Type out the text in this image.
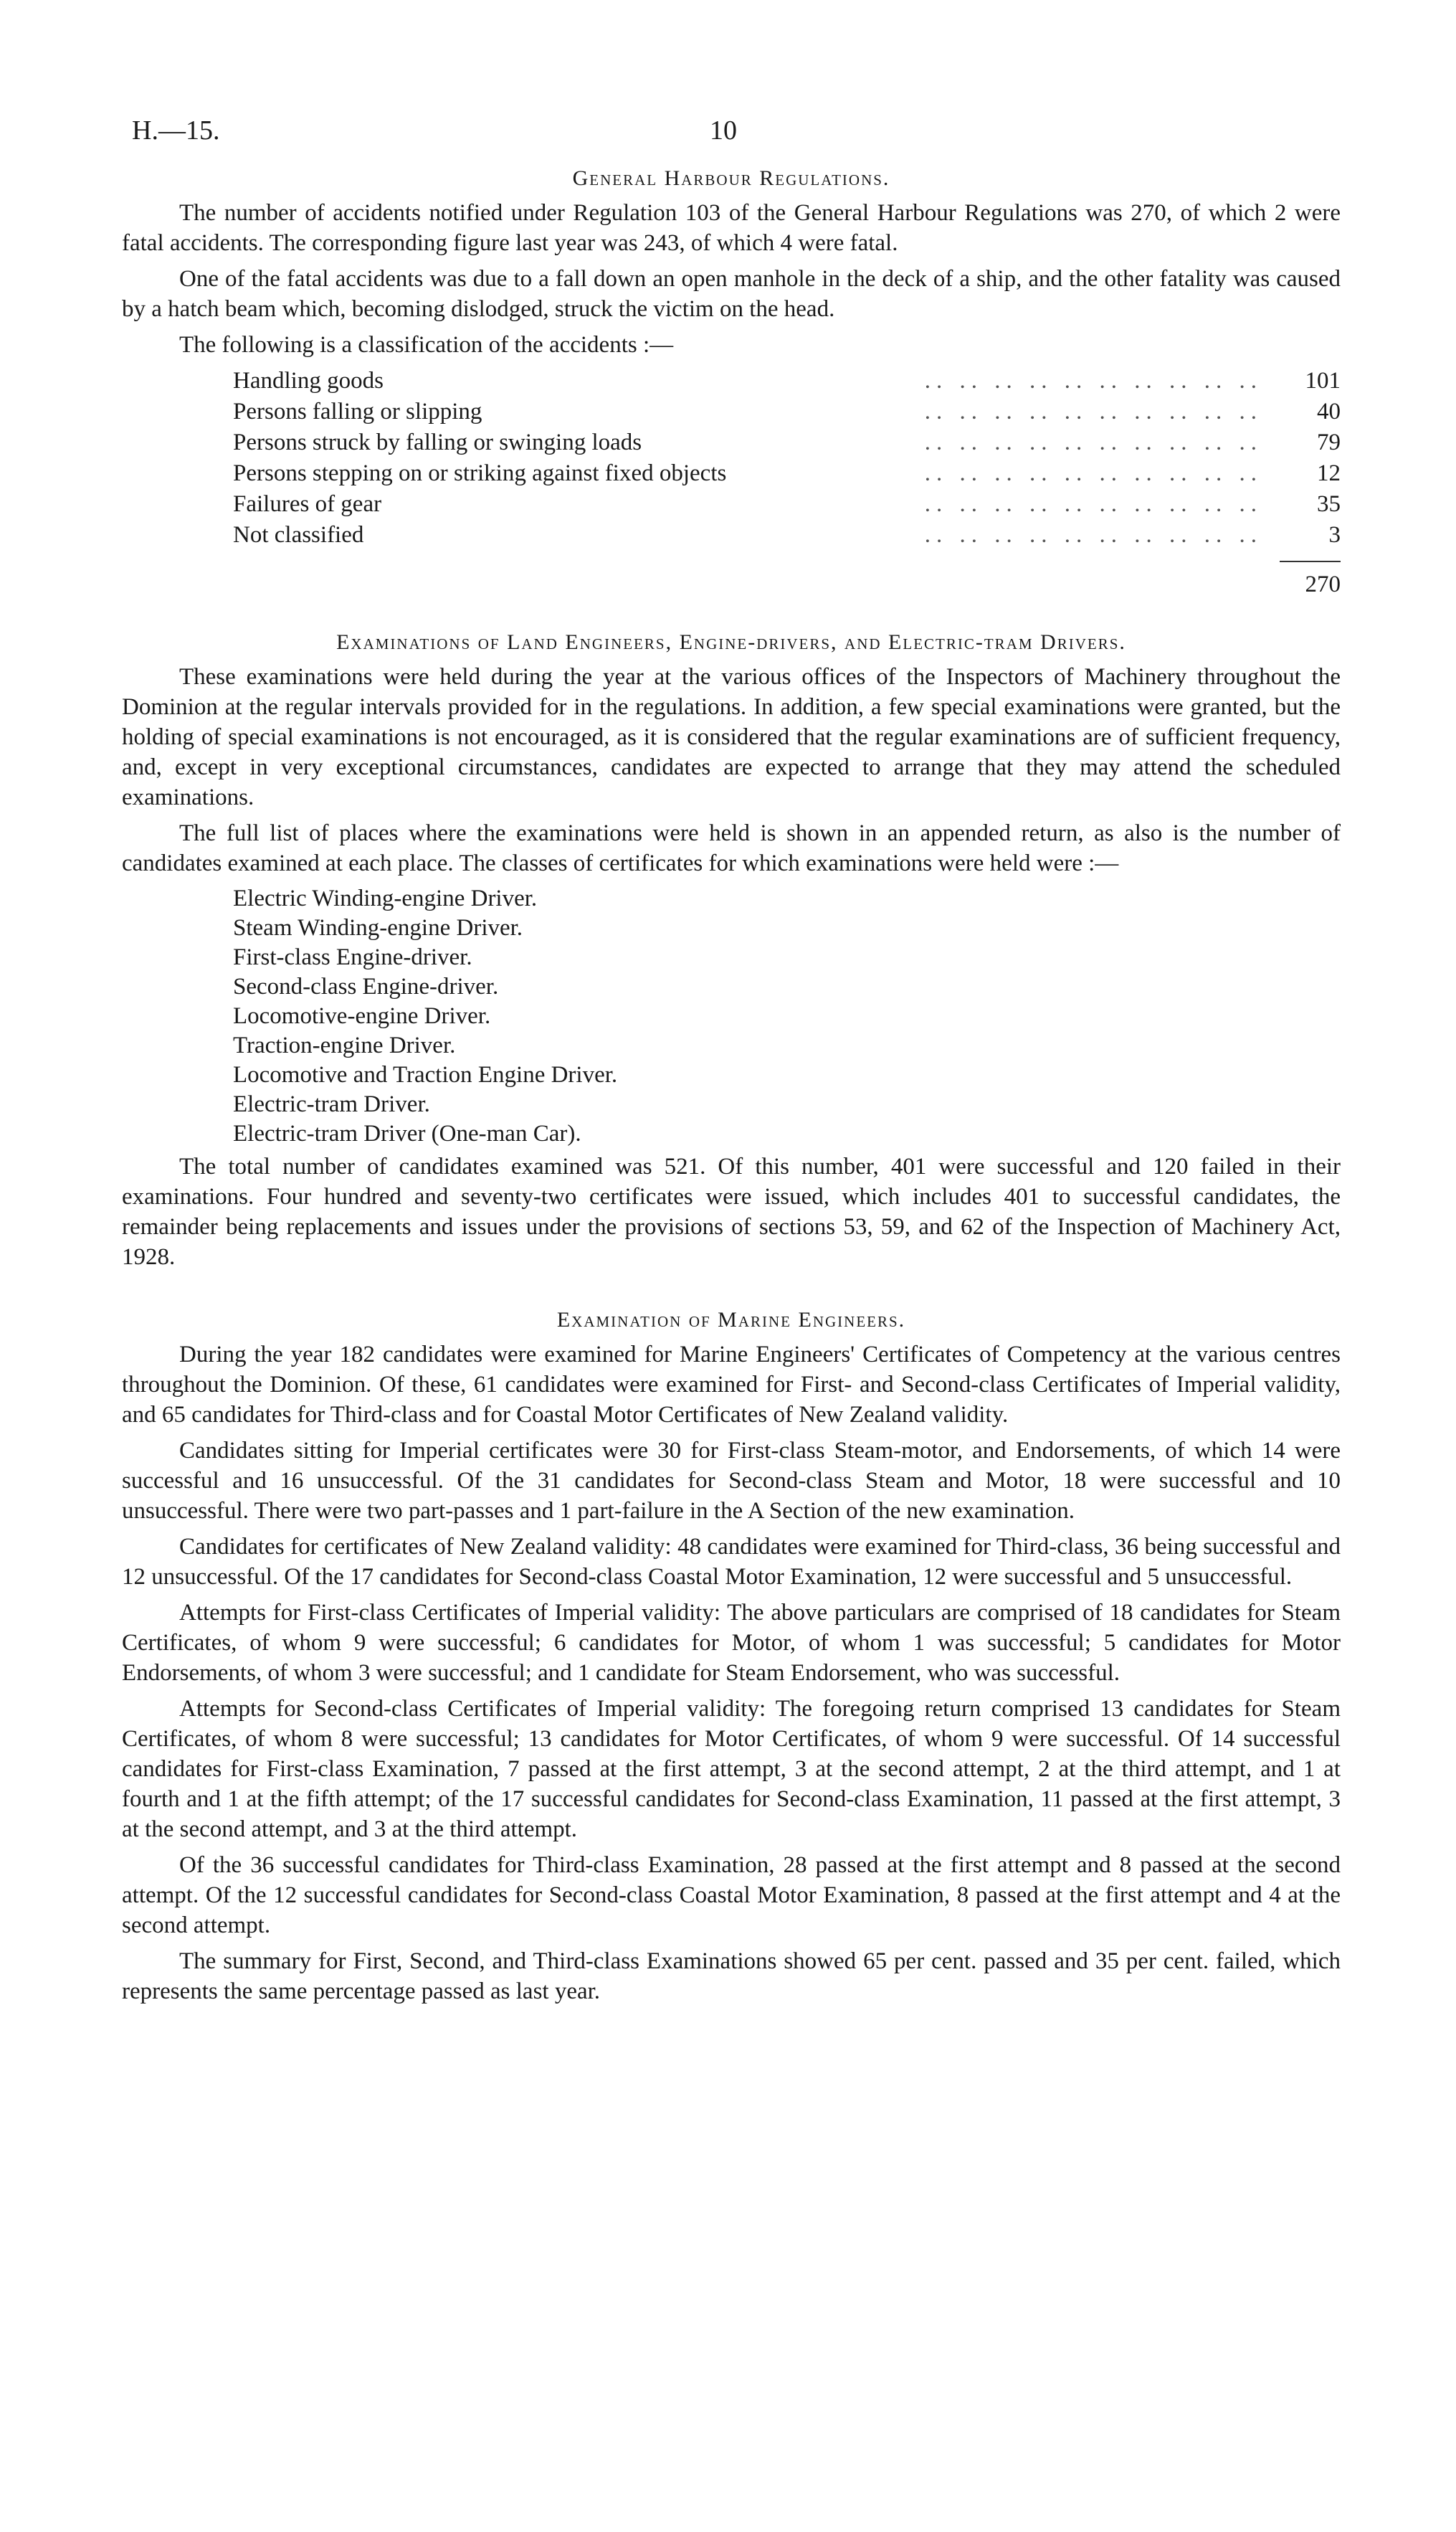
H.—15.	10
General Harbour Regulations.

The number of accidents notified under Regulation 103 of the General Harbour Regulations was 270, of which 2 were fatal accidents. The corresponding figure last year was 243, of which 4 were fatal.

One of the fatal accidents was due to a fall down an open manhole in the deck of a ship, and the other fatality was caused by a hatch beam which, becoming dislodged, struck the victim on the head.

The following is a classification of the accidents :—

Handling goods	.. .. .. .. .. .. .. .. .. ..	101
Persons falling or slipping	.. .. .. .. .. .. .. .. .. ..	40
Persons struck by falling or swinging loads	.. .. .. .. .. .. .. .. .. ..	79
Persons stepping on or striking against fixed objects	.. .. .. .. .. .. .. .. .. ..	12
Failures of gear	.. .. .. .. .. .. .. .. .. ..	35
Not classified	.. .. .. .. .. .. .. .. .. ..	3
270
Examinations of Land Engineers, Engine-drivers, and Electric-tram Drivers.

These examinations were held during the year at the various offices of the Inspectors of Machinery throughout the Dominion at the regular intervals provided for in the regulations. In addition, a few special examinations were granted, but the holding of special examinations is not encouraged, as it is considered that the regular examinations are of sufficient frequency, and, except in very exceptional circumstances, candidates are expected to arrange that they may attend the scheduled examinations.

The full list of places where the examinations were held is shown in an appended return, as also is the number of candidates examined at each place. The classes of certificates for which examinations were held were :—

Electric Winding-engine Driver.
Steam Winding-engine Driver.
First-class Engine-driver.
Second-class Engine-driver.
Locomotive-engine Driver.
Traction-engine Driver.
Locomotive and Traction Engine Driver.
Electric-tram Driver.
Electric-tram Driver (One-man Car).

The total number of candidates examined was 521. Of this number, 401 were successful and 120 failed in their examinations. Four hundred and seventy-two certificates were issued, which includes 401 to successful candidates, the remainder being replacements and issues under the provisions of sections 53, 59, and 62 of the Inspection of Machinery Act, 1928.

Examination of Marine Engineers.

During the year 182 candidates were examined for Marine Engineers' Certificates of Competency at the various centres throughout the Dominion. Of these, 61 candidates were examined for First- and Second-class Certificates of Imperial validity, and 65 candidates for Third-class and for Coastal Motor Certificates of New Zealand validity.

Candidates sitting for Imperial certificates were 30 for First-class Steam-motor, and Endorsements, of which 14 were successful and 16 unsuccessful. Of the 31 candidates for Second-class Steam and Motor, 18 were successful and 10 unsuccessful. There were two part-passes and 1 part-failure in the A Section of the new examination.

Candidates for certificates of New Zealand validity: 48 candidates were examined for Third-class, 36 being successful and 12 unsuccessful. Of the 17 candidates for Second-class Coastal Motor Examination, 12 were successful and 5 unsuccessful.

Attempts for First-class Certificates of Imperial validity: The above particulars are comprised of 18 candidates for Steam Certificates, of whom 9 were successful; 6 candidates for Motor, of whom 1 was successful; 5 candidates for Motor Endorsements, of whom 3 were successful; and 1 candidate for Steam Endorsement, who was successful.

Attempts for Second-class Certificates of Imperial validity: The foregoing return comprised 13 candidates for Steam Certificates, of whom 8 were successful; 13 candidates for Motor Certificates, of whom 9 were successful. Of 14 successful candidates for First-class Examination, 7 passed at the first attempt, 3 at the second attempt, 2 at the third attempt, and 1 at fourth and 1 at the fifth attempt; of the 17 successful candidates for Second-class Examination, 11 passed at the first attempt, 3 at the second attempt, and 3 at the third attempt.

Of the 36 successful candidates for Third-class Examination, 28 passed at the first attempt and 8 passed at the second attempt. Of the 12 successful candidates for Second-class Coastal Motor Examination, 8 passed at the first attempt and 4 at the second attempt.

The summary for First, Second, and Third-class Examinations showed 65 per cent. passed and 35 per cent. failed, which represents the same percentage passed as last year.
